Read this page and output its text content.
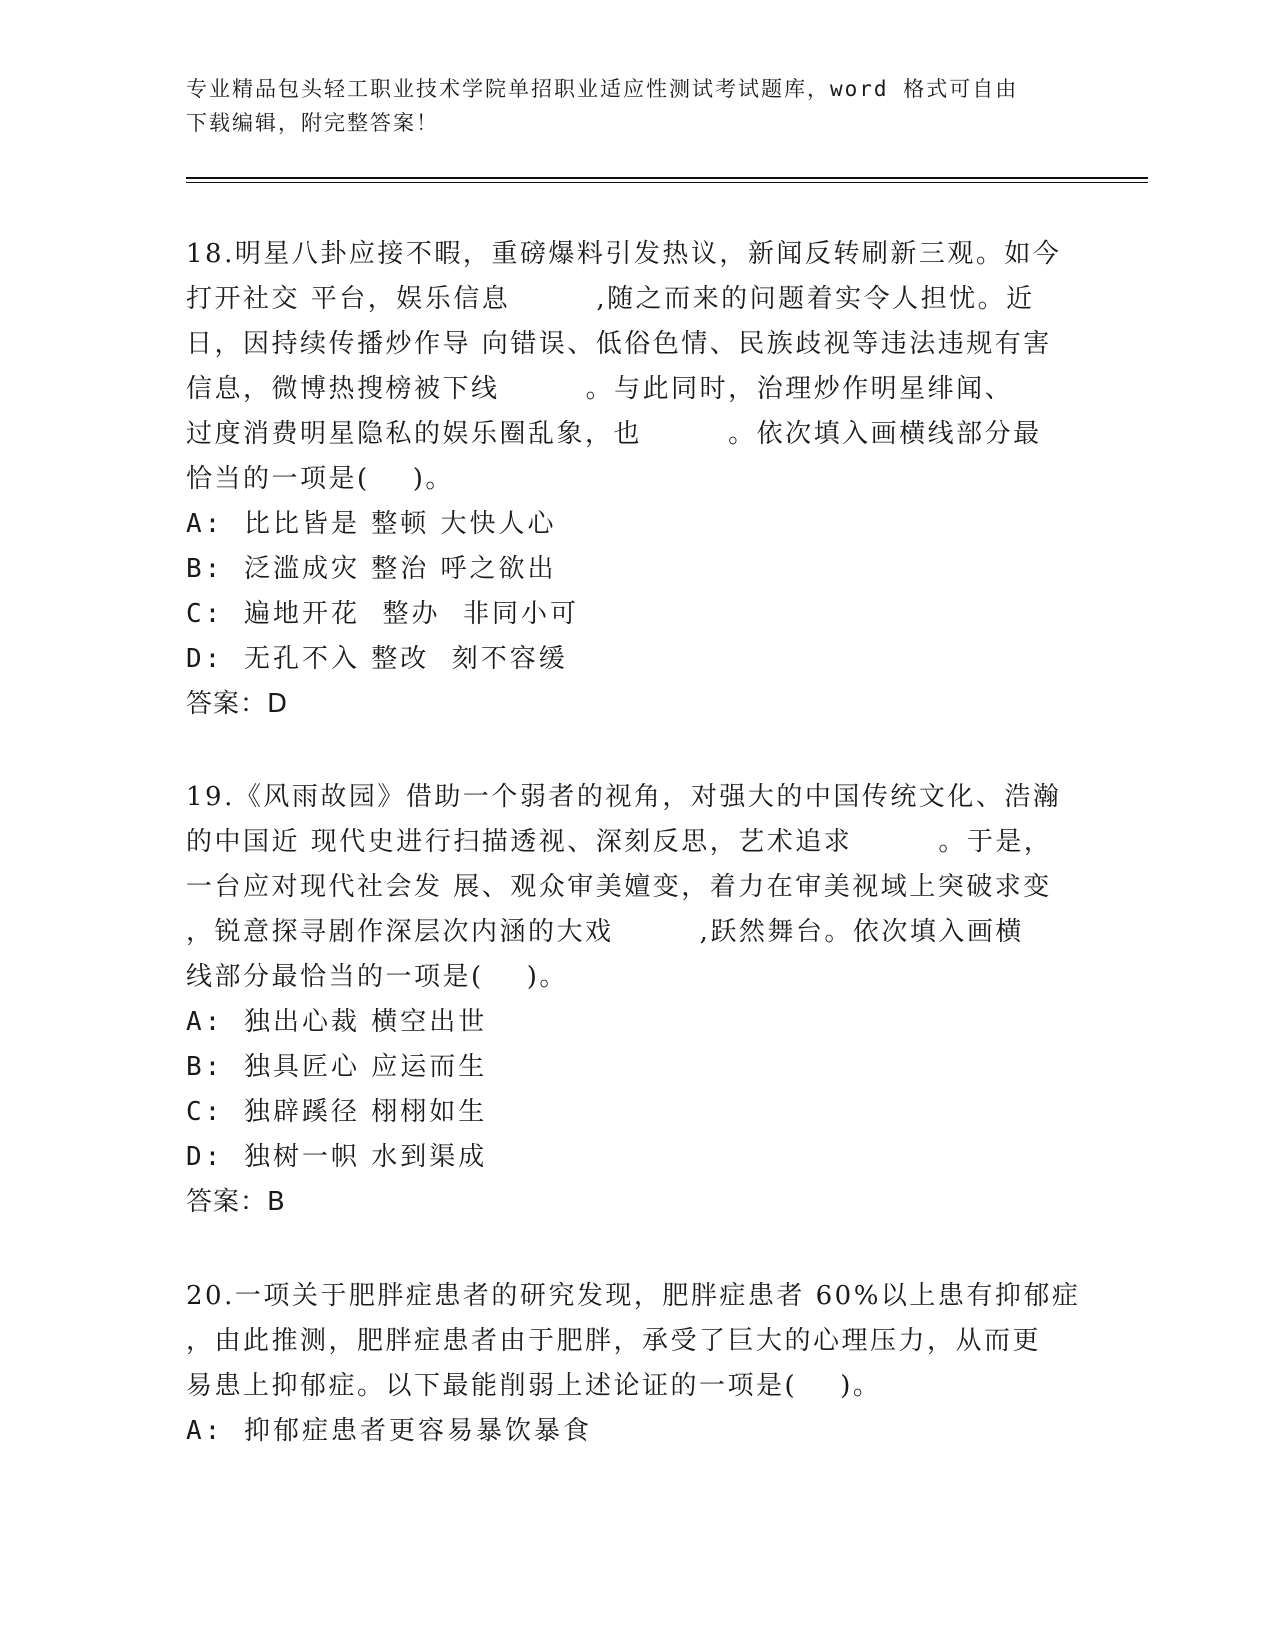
专业精品包头轻工职业技术学院单招职业适应性测试考试题库，word 格式可自由
下载编辑，附完整答案！
18.明星八卦应接不暇，重磅爆料引发热议，新闻反转刷新三观。如今
打开社交 平台，娱乐信息        ,随之而来的问题着实令人担忧。近
日，因持续传播炒作导 向错误、低俗色情、民族歧视等违法违规有害
信息，微博热搜榜被下线        。与此同时，治理炒作明星绯闻、
过度消费明星隐私的娱乐圈乱象，也        。依次填入画横线部分最
恰当的一项是(    )。
A: 比比皆是 整顿 大快人心
B: 泛滥成灾 整治 呼之欲出
C: 遍地开花  整办  非同小可
D: 无孔不入 整改  刻不容缓
答案：D
19.《风雨故园》借助一个弱者的视角，对强大的中国传统文化、浩瀚
的中国近 现代史进行扫描透视、深刻反思，艺术追求        。于是，
一台应对现代社会发 展、观众审美嬗变，着力在审美视域上突破求变
，锐意探寻剧作深层次内涵的大戏        ,跃然舞台。依次填入画横
线部分最恰当的一项是(    )。
A: 独出心裁 横空出世
B: 独具匠心 应运而生
C: 独辟蹊径 栩栩如生
D: 独树一帜 水到渠成
答案：B
20.一项关于肥胖症患者的研究发现，肥胖症患者 60%以上患有抑郁症
，由此推测，肥胖症患者由于肥胖，承受了巨大的心理压力，从而更
易患上抑郁症。以下最能削弱上述论证的一项是(    )。
A: 抑郁症患者更容易暴饮暴食
